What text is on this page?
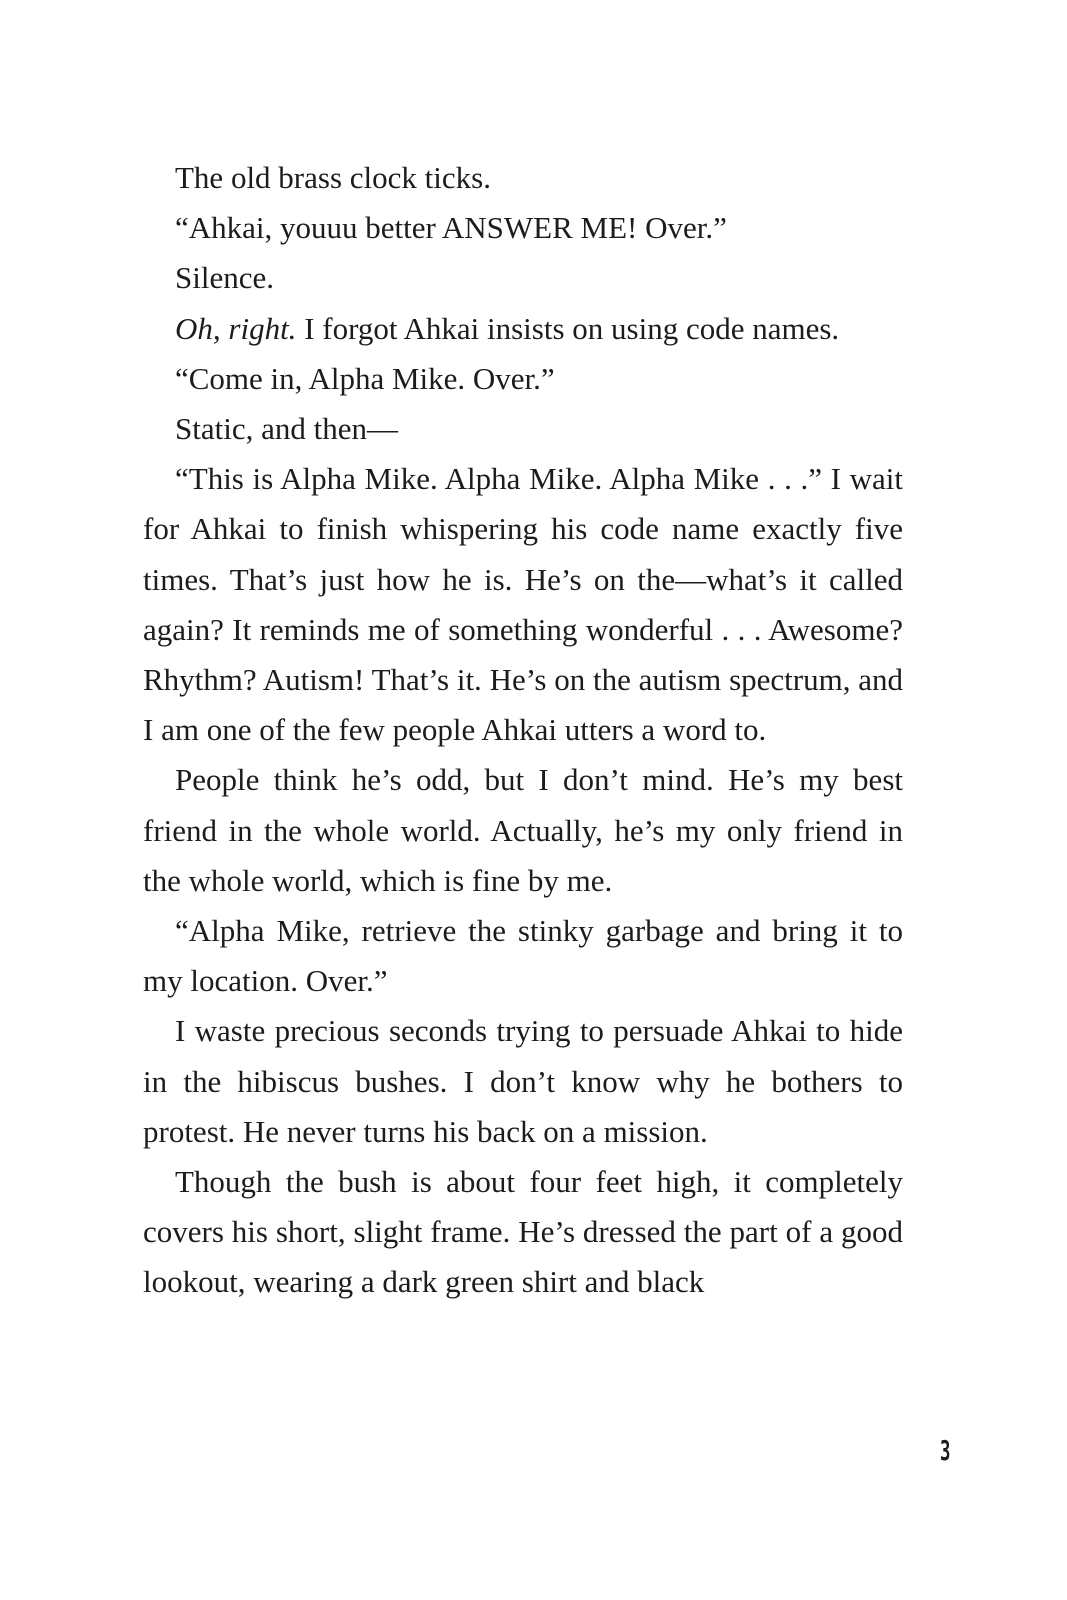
The old brass clock ticks.

“Ahkai, youuu better ANSWER ME! Over.”

Silence.

Oh, right. I forgot Ahkai insists on using code names.

“Come in, Alpha Mike. Over.”

Static, and then—

“This is Alpha Mike. Alpha Mike. Alpha Mike . . .” I wait for Ahkai to finish whispering his code name exactly five times. That’s just how he is. He’s on the—what’s it called again? It reminds me of something wonderful . . . Awesome? Rhythm? Autism! That’s it. He’s on the autism spectrum, and I am one of the few people Ahkai utters a word to.

People think he’s odd, but I don’t mind. He’s my best friend in the whole world. Actually, he’s my only friend in the whole world, which is fine by me.

“Alpha Mike, retrieve the stinky garbage and bring it to my location. Over.”

I waste precious seconds trying to persuade Ahkai to hide in the hibiscus bushes. I don’t know why he bothers to protest. He never turns his back on a mission.

Though the bush is about four feet high, it completely covers his short, slight frame. He’s dressed the part of a good lookout, wearing a dark green shirt and black

3
